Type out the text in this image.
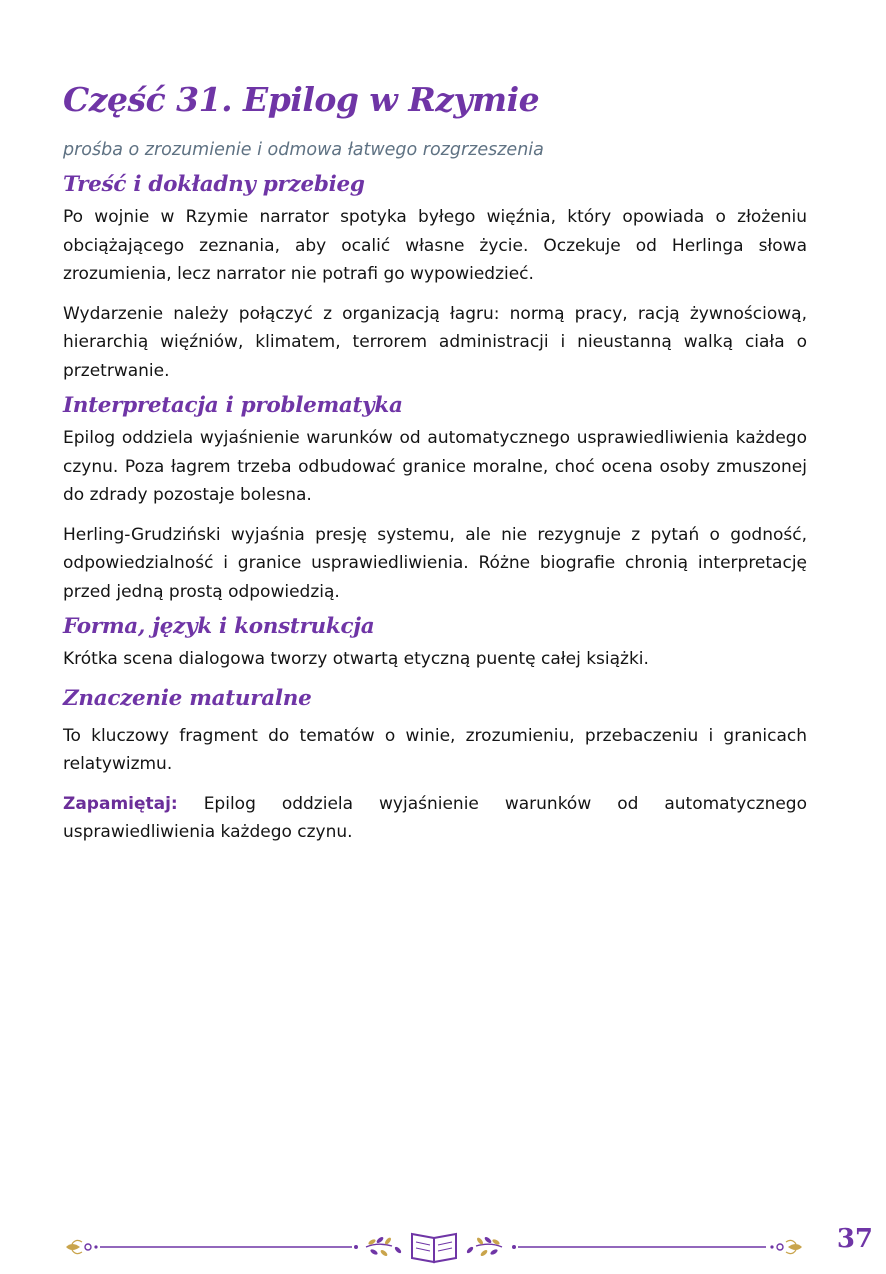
Część 31. Epilog w Rzymie

prośba o zrozumienie i odmowa łatwego rozgrzeszenia

Treść i dokładny przebieg

Po wojnie w Rzymie narrator spotyka byłego więźnia, który opowiada o złożeniu obciążającego zeznania, aby ocalić własne życie. Oczekuje od Herlinga słowa zrozumienia, lecz narrator nie potrafi go wypowiedzieć.

Wydarzenie należy połączyć z organizacją łagru: normą pracy, racją żywnościową, hierarchią więźniów, klimatem, terrorem administracji i nieustanną walką ciała o przetrwanie.

Interpretacja i problematyka

Epilog oddziela wyjaśnienie warunków od automatycznego usprawiedliwienia każdego czynu. Poza łagrem trzeba odbudować granice moralne, choć ocena osoby zmuszonej do zdrady pozostaje bolesna.

Herling-Grudziński wyjaśnia presję systemu, ale nie rezygnuje z pytań o godność, odpowiedzialność i granice usprawiedliwienia. Różne biografie chronią interpretację przed jedną prostą odpowiedzią.

Forma, język i konstrukcja

Krótka scena dialogowa tworzy otwartą etyczną puentę całej książki.

Znaczenie maturalne

To kluczowy fragment do tematów o winie, zrozumieniu, przebaczeniu i granicach relatywizmu.

Zapamiętaj: Epilog oddziela wyjaśnienie warunków od automatycznego usprawiedliwienia każdego czynu.

37
